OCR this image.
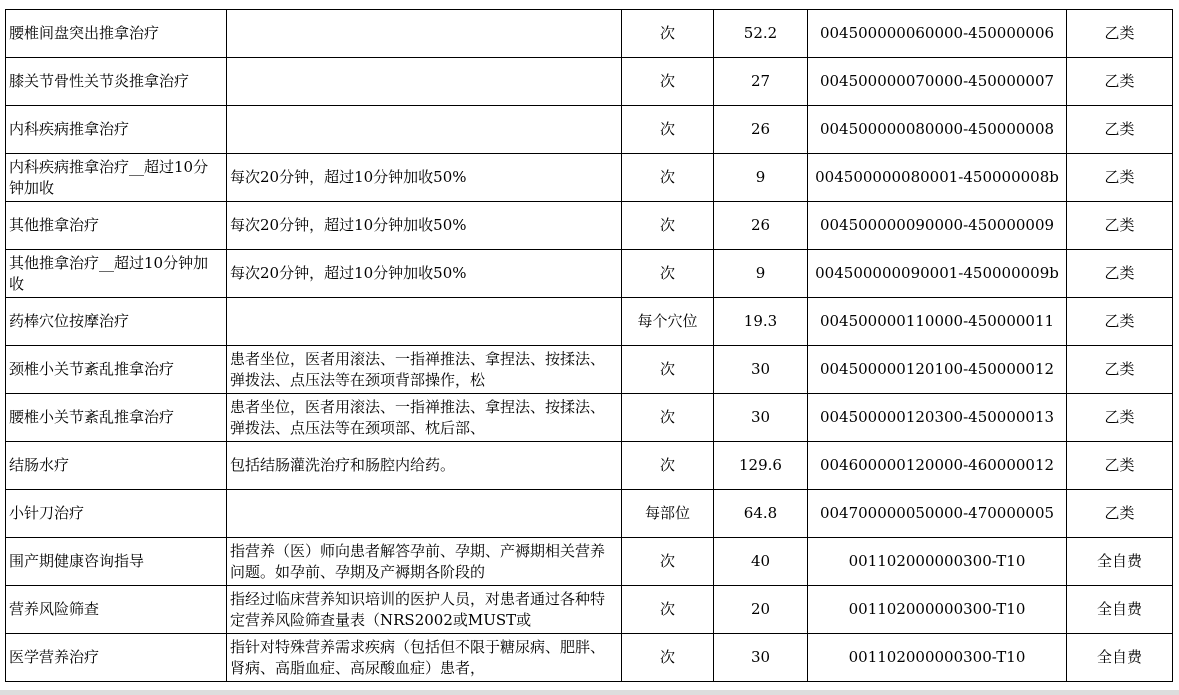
腰椎间盘突出推拿治疗		次	52.2	004500000060000-450000006	乙类

膝关节骨性关节炎推拿治疗		次	27	004500000070000-450000007	乙类

内科疾病推拿治疗		次	26	004500000080000-450000008	乙类

内科疾病推拿治疗__超过10分钟加收	每次20分钟，超过10分钟加收50%	次	9	004500000080001-450000008b	乙类

其他推拿治疗	每次20分钟，超过10分钟加收50%	次	26	004500000090000-450000009	乙类

其他推拿治疗__超过10分钟加收	每次20分钟，超过10分钟加收50%	次	9	004500000090001-450000009b	乙类

药棒穴位按摩治疗		每个穴位	19.3	004500000110000-450000011	乙类

颈椎小关节紊乱推拿治疗	患者坐位，医者用滚法、一指禅推法、拿捏法、按揉法、弹拨法、点压法等在颈项背部操作，松	次	30	004500000120100-450000012	乙类

腰椎小关节紊乱推拿治疗	患者坐位，医者用滚法、一指禅推法、拿捏法、按揉法、弹拨法、点压法等在颈项部、枕后部、	次	30	004500000120300-450000013	乙类

结肠水疗	包括结肠灌洗治疗和肠腔内给药。	次	129.6	004600000120000-460000012	乙类

小针刀治疗		每部位	64.8	004700000050000-470000005	乙类

围产期健康咨询指导	指营养（医）师向患者解答孕前、孕期、产褥期相关营养问题。如孕前、孕期及产褥期各阶段的	次	40	001102000000300-T10	全自费

营养风险筛查	指经过临床营养知识培训的医护人员，对患者通过各种特定营养风险筛查量表（NRS2002或MUST或	次	20	001102000000300-T10	全自费

医学营养治疗	指针对特殊营养需求疾病（包括但不限于糖尿病、肥胖、肾病、高脂血症、高尿酸血症）患者，	次	30	001102000000300-T10	全自费
